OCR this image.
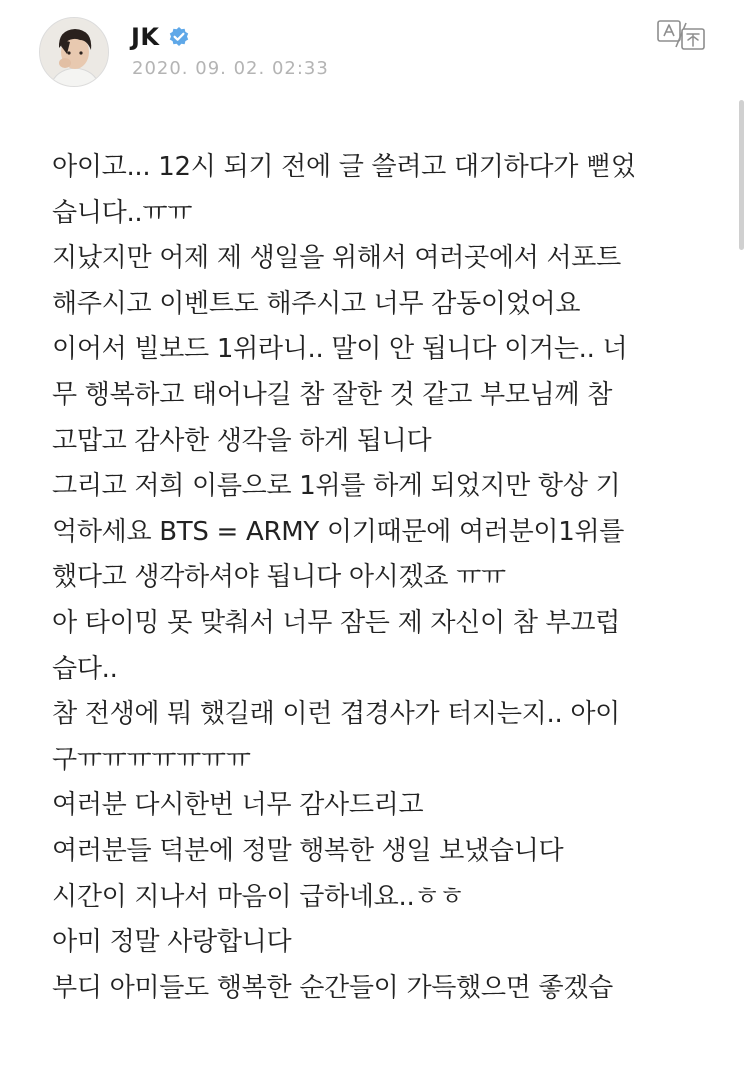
JK
2020. 09. 02. 02:33
아이고... 12시 되기 전에 글 쓸려고 대기하다가 뻗었
습니다..ㅠㅠ
지났지만 어제 제 생일을 위해서 여러곳에서 서포트
해주시고 이벤트도 해주시고 너무 감동이었어요
이어서 빌보드 1위라니.. 말이 안 됩니다 이거는.. 너
무 행복하고 태어나길 참 잘한 것 같고 부모님께 참
고맙고 감사한 생각을 하게 됩니다
그리고 저희 이름으로 1위를 하게 되었지만 항상 기
억하세요 BTS = ARMY 이기때문에 여러분이1위를
했다고 생각하셔야 됩니다 아시겠죠 ㅠㅠ
아 타이밍 못 맞춰서 너무 잠든 제 자신이 참 부끄럽
습다..
참 전생에 뭐 했길래 이런 겹경사가 터지는지.. 아이
구ㅠㅠㅠㅠㅠㅠㅠ
여러분 다시한번 너무 감사드리고
여러분들 덕분에 정말 행복한 생일 보냈습니다
시간이 지나서 마음이 급하네요..ㅎㅎ
아미 정말 사랑합니다
부디 아미들도 행복한 순간들이 가득했으면 좋겠습
